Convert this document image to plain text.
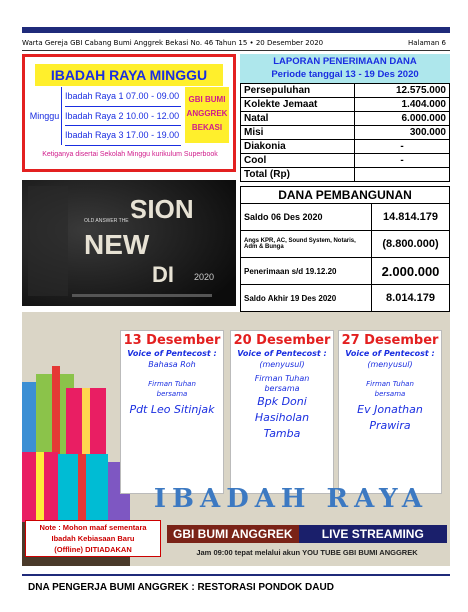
Warta Gereja GBI Cabang Bumi Anggrek Bekasi No. 46 Tahun 15 • 20 Desember 2020	Halaman 6
IBADAH RAYA MINGGU
Minggu
Ibadah Raya 1 07.00 - 09.00
Ibadah Raya 2 10.00 - 12.00
Ibadah Raya 3 17.00 - 19.00
GBI BUMI
ANGGREK
BEKASI
Ketiganya disertai Sekolah Minggu kurikulum Superbook
LAPORAN PENERIMAAN DANA
Periode tanggal 13 - 19 Des 2020
Persepuluhan	12.575.000
Kolekte Jemaat	1.404.000
Natal	6.000.000
Misi	300.000
Diakonia	-
Cool	-
Total (Rp)	
OLD ANSWER THE NOIS
NEW
DI 2020
DANA PEMBANGUNAN
Saldo 06 Des 2020	14.814.179
Angs KPR, AC, Sound System, Notaris, Adm & Bunga	(8.800.000)
Penerimaan s/d 19.12.20	2.000.000
Saldo Akhir 19 Des 2020	8.014.179
13 Desember
Voice of Pentecost :
Bahasa Roh
Firman Tuhan
bersama
Pdt Leo Sitinjak
20 Desember
Voice of Pentecost :
(menyusul)
Firman Tuhan
bersama
Bpk Doni
Hasiholan
Tamba
27 Desember
Voice of Pentecost :
(menyusul)
Firman Tuhan
bersama
Ev Jonathan
Prawira
IBADAH RAYA
Note : Mohon maaf sementara
Ibadah Kebiasaan Baru
(Offline) DITIADAKAN
GBI BUMI ANGGREK	LIVE STREAMING
Jam 09:00 tepat melalui akun YOU TUBE GBI BUMI ANGGREK
DNA PENGERJA BUMI ANGGREK : RESTORASI PONDOK DAUD
